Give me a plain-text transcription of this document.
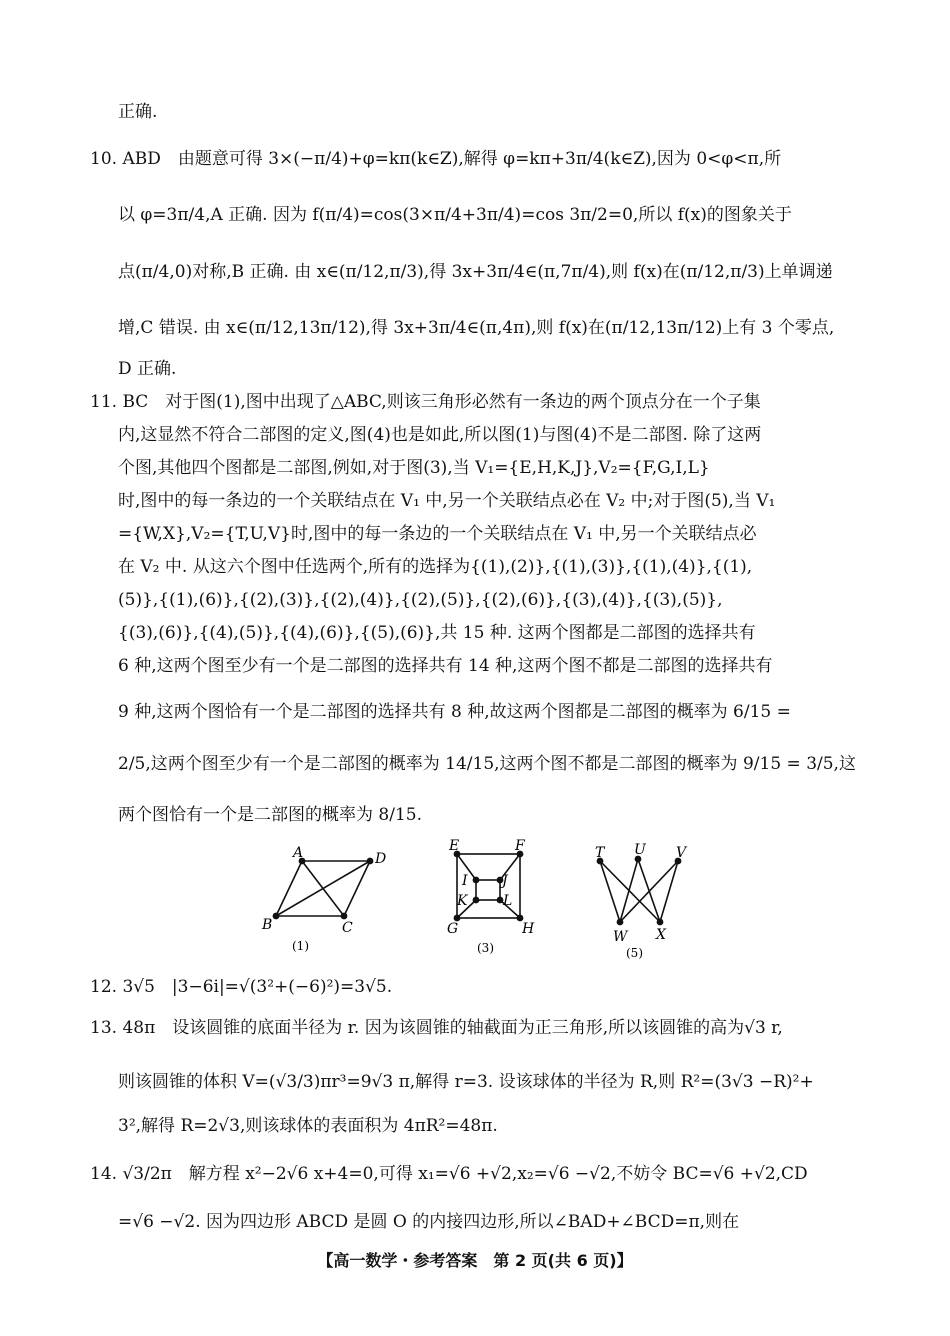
正确.
10. ABD　由题意可得 3×(−π/4)+φ=kπ(k∈Z),解得 φ=kπ+3π/4(k∈Z),因为 0<φ<π,所
以 φ=3π/4,A 正确. 因为 f(π/4)=cos(3×π/4+3π/4)=cos 3π/2=0,所以 f(x)的图象关于
点(π/4,0)对称,B 正确. 由 x∈(π/12,π/3),得 3x+3π/4∈(π,7π/4),则 f(x)在(π/12,π/3)上单调递
增,C 错误. 由 x∈(π/12,13π/12),得 3x+3π/4∈(π,4π),则 f(x)在(π/12,13π/12)上有 3 个零点,
D 正确.
11. BC　对于图(1),图中出现了△ABC,则该三角形必然有一条边的两个顶点分在一个子集
内,这显然不符合二部图的定义,图(4)也是如此,所以图(1)与图(4)不是二部图. 除了这两
个图,其他四个图都是二部图,例如,对于图(3),当 V₁={E,H,K,J},V₂={F,G,I,L}
时,图中的每一条边的一个关联结点在 V₁ 中,另一个关联结点必在 V₂ 中;对于图(5),当 V₁
={W,X},V₂={T,U,V}时,图中的每一条边的一个关联结点在 V₁ 中,另一个关联结点必
在 V₂ 中. 从这六个图中任选两个,所有的选择为{(1),(2)},{(1),(3)},{(1),(4)},{(1),
(5)},{(1),(6)},{(2),(3)},{(2),(4)},{(2),(5)},{(2),(6)},{(3),(4)},{(3),(5)},
{(3),(6)},{(4),(5)},{(4),(6)},{(5),(6)},共 15 种. 这两个图都是二部图的选择共有
6 种,这两个图至少有一个是二部图的选择共有 14 种,这两个图不都是二部图的选择共有
9 种,这两个图恰有一个是二部图的选择共有 8 种,故这两个图都是二部图的概率为 6/15 =
2/5,这两个图至少有一个是二部图的概率为 14/15,这两个图不都是二部图的概率为 9/15 = 3/5,这
两个图恰有一个是二部图的概率为 8/15.
A	D
B	C
(1)
E	F
I J
K	L
G	H
(3)
T U V
W X
(5)
12. 3√5　|3−6i|=√(3²+(−6)²)=3√5.
13. 48π　设该圆锥的底面半径为 r. 因为该圆锥的轴截面为正三角形,所以该圆锥的高为√3 r,
则该圆锥的体积 V=(√3/3)πr³=9√3 π,解得 r=3. 设该球体的半径为 R,则 R²=(3√3 −R)²+
3²,解得 R=2√3,则该球体的表面积为 4πR²=48π.
14. √3/2π　解方程 x²−2√6 x+4=0,可得 x₁=√6 +√2,x₂=√6 −√2,不妨令 BC=√6 +√2,CD
=√6 −√2. 因为四边形 ABCD 是圆 O 的内接四边形,所以∠BAD+∠BCD=π,则在
【高一数学・参考答案　第 2 页(共 6 页)】
